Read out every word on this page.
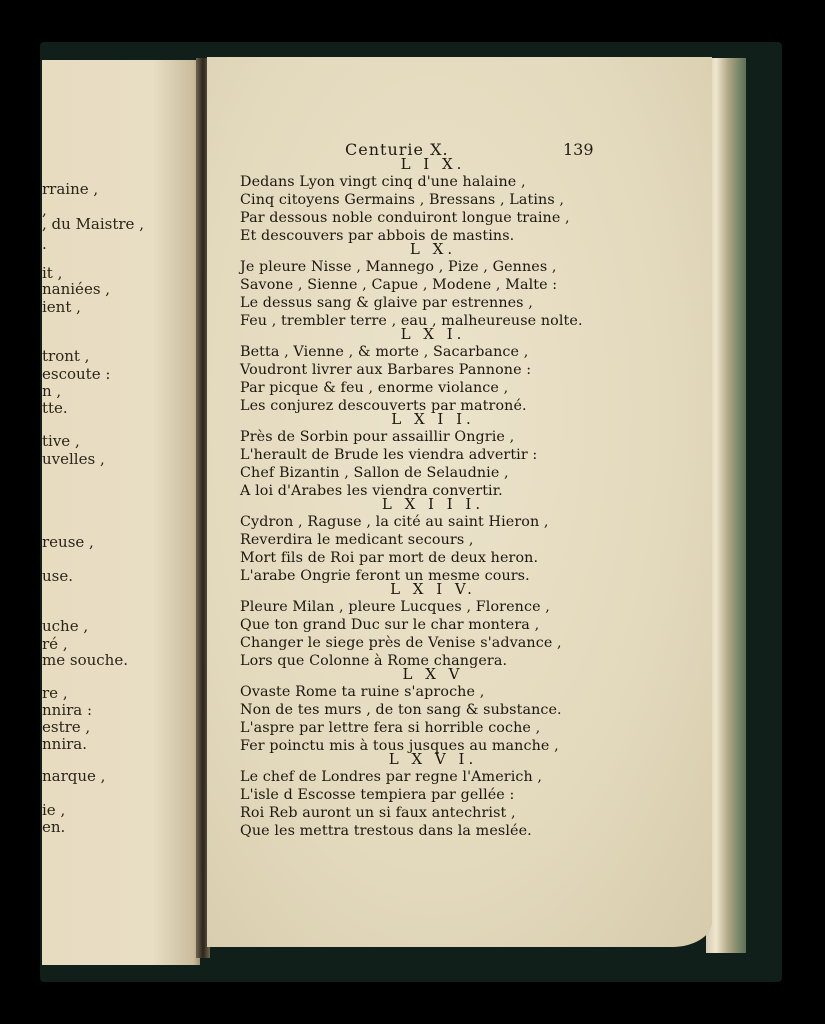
rraine ,
,
, du Maistre ,
.
it ,
naniées ,
ient ,
tront ,
escoute :
n ,
tte.
tive ,
uvelles ,
reuse ,
use.
uche ,
ré ,
me souche.
re ,
nnira :
estre ,
nnira.
narque ,
ie ,
en.
Centurie X.	139
L I X.
Dedans Lyon vingt cinq d'une halaine ,
Cinq citoyens Germains , Bressans , Latins ,
Par dessous noble conduiront longue traine ,
Et descouvers par abbois de mastins.
L X.
Je pleure Nisse , Mannego , Pize , Gennes ,
Savone , Sienne , Capue , Modene , Malte :
Le dessus sang & glaive par estrennes ,
Feu , trembler terre , eau , malheureuse nolte.
L X I.
Betta , Vienne , & morte , Sacarbance ,
Voudront livrer aux Barbares Pannone :
Par picque & feu , enorme violance ,
Les conjurez descouverts par matroné.
L X I I.
Près de Sorbin pour assaillir Ongrie ,
L'herault de Brude les viendra advertir :
Chef Bizantin , Sallon de Selaudnie ,
A loi d'Arabes les viendra convertir.
L X I I I.
Cydron , Raguse , la cité au saint Hieron ,
Reverdira le medicant secours ,
Mort fils de Roi par mort de deux heron.
L'arabe Ongrie feront un mesme cours.
L X I V.
Pleure Milan , pleure Lucques , Florence ,
Que ton grand Duc sur le char montera ,
Changer le siege près de Venise s'advance ,
Lors que Colonne à Rome changera.
L X V
Ovaste Rome ta ruine s'aproche ,
Non de tes murs , de ton sang & substance.
L'aspre par lettre fera si horrible coche ,
Fer poinctu mis à tous jusques au manche ,
L X V I.
Le chef de Londres par regne l'Americh ,
L'isle d Escosse tempiera par gellée :
Roi Reb auront un si faux antechrist ,
Que les mettra trestous dans la meslée.
